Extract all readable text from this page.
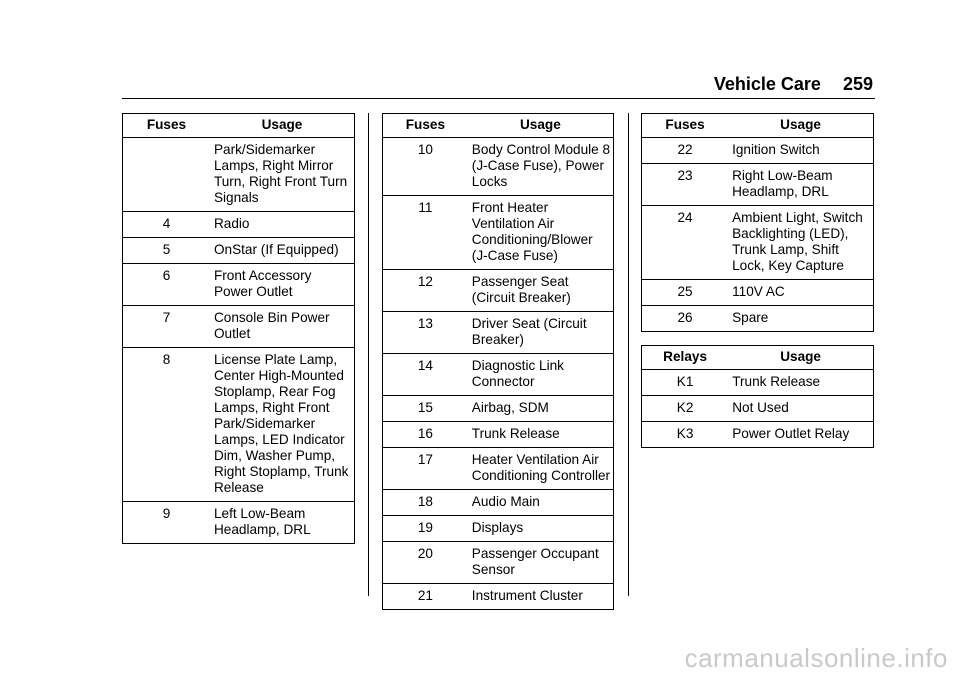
Vehicle Care 259
Fuses	Usage
	Park/Sidemarker Lamps, Right Mirror Turn, Right Front Turn Signals
4	Radio
5	OnStar (If Equipped)
6	Front Accessory Power Outlet
7	Console Bin Power Outlet
8	License Plate Lamp, Center High-Mounted Stoplamp, Rear Fog Lamps, Right Front Park/Sidemarker Lamps, LED Indicator Dim, Washer Pump, Right Stoplamp, Trunk Release
9	Left Low-Beam Headlamp, DRL
Fuses	Usage
10	Body Control Module 8 (J-Case Fuse), Power Locks
11	Front Heater Ventilation Air Conditioning/Blower (J-Case Fuse)
12	Passenger Seat (Circuit Breaker)
13	Driver Seat (Circuit Breaker)
14	Diagnostic Link Connector
15	Airbag, SDM
16	Trunk Release
17	Heater Ventilation Air Conditioning Controller
18	Audio Main
19	Displays
20	Passenger Occupant Sensor
21	Instrument Cluster
Fuses	Usage
22	Ignition Switch
23	Right Low-Beam Headlamp, DRL
24	Ambient Light, Switch Backlighting (LED), Trunk Lamp, Shift Lock, Key Capture
25	110V AC
26	Spare
Relays	Usage
K1	Trunk Release
K2	Not Used
K3	Power Outlet Relay
carmanualsonline.info
